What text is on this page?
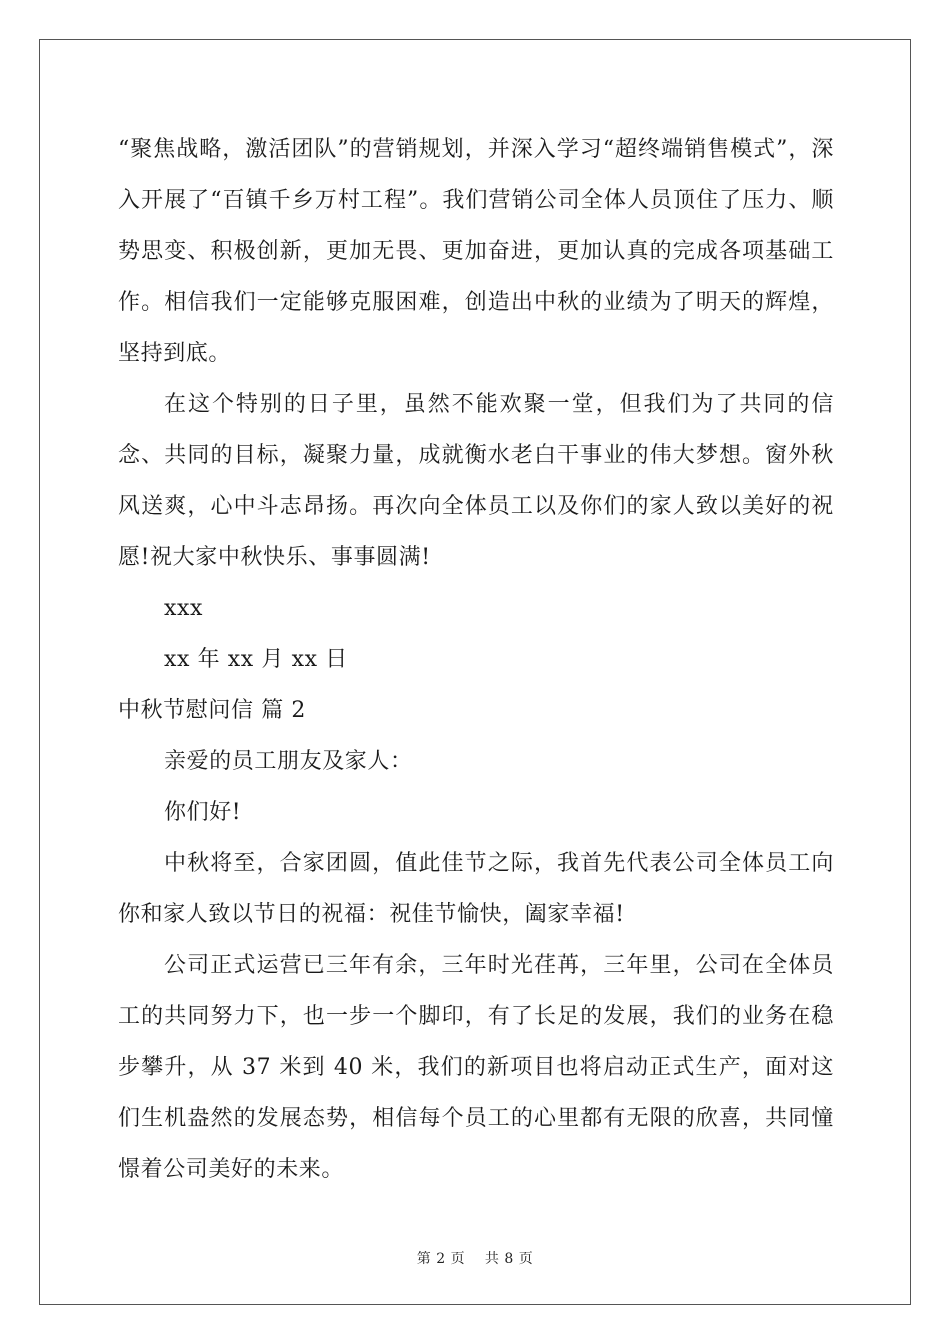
“聚焦战略，激活团队”的营销规划，并深入学习“超终端销售模式”，深入开展了“百镇千乡万村工程”。我们营销公司全体人员顶住了压力、顺势思变、积极创新，更加无畏、更加奋进，更加认真的完成各项基础工作。相信我们一定能够克服困难，创造出中秋的业绩为了明天的辉煌，坚持到底。

在这个特别的日子里，虽然不能欢聚一堂，但我们为了共同的信念、共同的目标，凝聚力量，成就衡水老白干事业的伟大梦想。窗外秋风送爽，心中斗志昂扬。再次向全体员工以及你们的家人致以美好的祝愿!祝大家中秋快乐、事事圆满!

xxx

xx 年 xx 月 xx 日

中秋节慰问信 篇 2

亲爱的员工朋友及家人：

你们好!

中秋将至，合家团圆，值此佳节之际，我首先代表公司全体员工向你和家人致以节日的祝福：祝佳节愉快，阖家幸福!

公司正式运营已三年有余，三年时光荏苒，三年里，公司在全体员工的共同努力下，也一步一个脚印，有了长足的发展，我们的业务在稳步攀升，从 37 米到 40 米，我们的新项目也将启动正式生产，面对这们生机盎然的发展态势，相信每个员工的心里都有无限的欣喜，共同憧憬着公司美好的未来。

第 2 页    共 8 页
